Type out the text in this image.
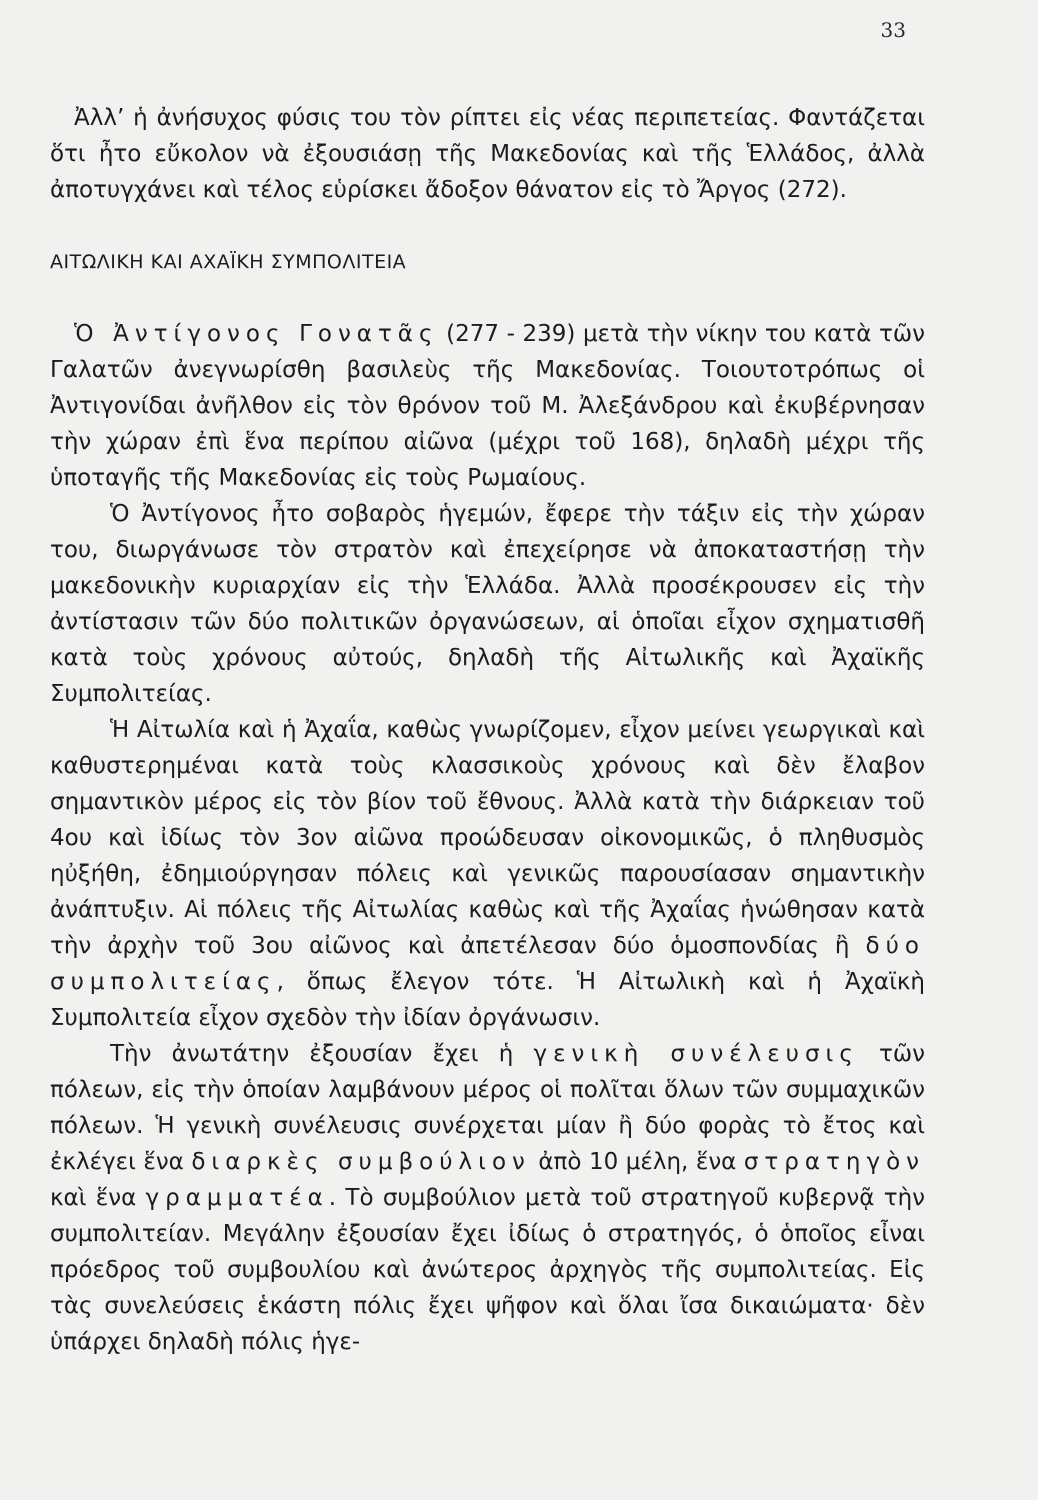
33

Ἀλλ’ ἡ ἀνήσυχος φύσις του τὸν ρίπτει εἰς νέας περιπετείας. Φαντάζεται ὅτι ἦτο εὔκολον νὰ ἐξουσιάσῃ τῆς Μακεδονίας καὶ τῆς Ἑλλάδος, ἀλλὰ ἀποτυγχάνει καὶ τέλος εὑρίσκει ἄδοξον θάνατον εἰς τὸ Ἄργος (272).

ΑΙΤΩΛΙΚΗ ΚΑΙ ΑΧΑΪΚΗ ΣΥΜΠΟΛΙΤΕΙΑ

Ὁ Ἀντίγονος Γονατᾶς (277 - 239) μετὰ τὴν νίκην του κατὰ τῶν Γαλατῶν ἀνεγνωρίσθη βασιλεὺς τῆς Μακεδονίας. Τοιουτοτρόπως οἱ Ἀντιγονίδαι ἀνῆλθον εἰς τὸν θρόνον τοῦ Μ. Ἀλεξάνδρου καὶ ἐκυβέρνησαν τὴν χώραν ἐπὶ ἕνα περίπου αἰῶνα (μέχρι τοῦ 168), δηλαδὴ μέχρι τῆς ὑποταγῆς τῆς Μακεδονίας εἰς τοὺς Ρωμαίους.

Ὁ Ἀντίγονος ἦτο σοβαρὸς ἡγεμών, ἔφερε τὴν τάξιν εἰς τὴν χώραν του, διωργάνωσε τὸν στρατὸν καὶ ἐπεχείρησε νὰ ἀποκαταστήσῃ τὴν μακεδονικὴν κυριαρχίαν εἰς τὴν Ἑλλάδα. Ἀλλὰ προσέκρουσεν εἰς τὴν ἀντίστασιν τῶν δύο πολιτικῶν ὀργανώσεων, αἱ ὁποῖαι εἶχον σχηματισθῆ κατὰ τοὺς χρόνους αὐτούς, δηλαδὴ τῆς Αἰτωλικῆς καὶ Ἀχαϊκῆς Συμπολιτείας.

Ἡ Αἰτωλία καὶ ἡ Ἀχαΐα, καθὼς γνωρίζομεν, εἶχον μείνει γεωργικαὶ καὶ καθυστερημέναι κατὰ τοὺς κλασσικοὺς χρόνους καὶ δὲν ἔλαβον σημαντικὸν μέρος εἰς τὸν βίον τοῦ ἔθνους. Ἀλλὰ κατὰ τὴν διάρκειαν τοῦ 4ου καὶ ἰδίως τὸν 3ον αἰῶνα προώδευσαν οἰκονομικῶς, ὁ πληθυσμὸς ηὐξήθη, ἐδημιούργησαν πόλεις καὶ γενικῶς παρουσίασαν σημαντικὴν ἀνάπτυξιν. Αἱ πόλεις τῆς Αἰτωλίας καθὼς καὶ τῆς Ἀχαΐας ἡνώθησαν κατὰ τὴν ἀρχὴν τοῦ 3ου αἰῶνος καὶ ἀπετέλεσαν δύο ὁμοσπονδίας ἢ δύο συμπολιτείας, ὅπως ἔλεγον τότε. Ἡ Αἰτωλικὴ καὶ ἡ Ἀχαϊκὴ Συμπολιτεία εἶχον σχεδὸν τὴν ἰδίαν ὀργάνωσιν.

Τὴν ἀνωτάτην ἐξουσίαν ἔχει ἡ γενικὴ συνέλευσις τῶν πόλεων, εἰς τὴν ὁποίαν λαμβάνουν μέρος οἱ πολῖται ὅλων τῶν συμμαχικῶν πόλεων. Ἡ γενικὴ συνέλευσις συνέρχεται μίαν ἢ δύο φορὰς τὸ ἔτος καὶ ἐκλέγει ἕνα διαρκὲς συμβούλιον ἀπὸ 10 μέλη, ἕνα στρατηγὸν καὶ ἕνα γραμματέα. Τὸ συμβούλιον μετὰ τοῦ στρατηγοῦ κυβερνᾷ τὴν συμπολιτείαν. Μεγάλην ἐξουσίαν ἔχει ἰδίως ὁ στρατηγός, ὁ ὁποῖος εἶναι πρόεδρος τοῦ συμβουλίου καὶ ἀνώτερος ἀρχηγὸς τῆς συμπολιτείας. Εἰς τὰς συνελεύσεις ἑκάστη πόλις ἔχει ψῆφον καὶ ὅλαι ἴσα δικαιώματα· δὲν ὑπάρχει δηλαδὴ πόλις ἡγε-
